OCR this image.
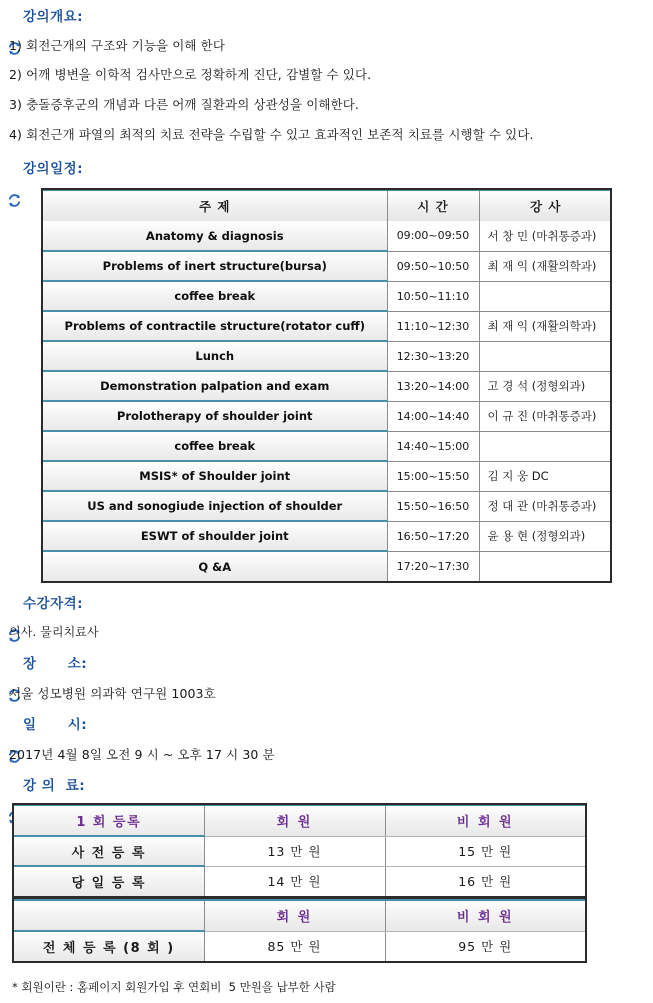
강의개요:
1) 회전근개의 구조와 기능을 이해 한다
2) 어깨 병변을 이학적 검사만으로 정확하게 진단, 감별할 수 있다.
3) 충돌증후군의 개념과 다른 어깨 질환과의 상관성을 이해한다.
4) 회전근개 파열의 최적의 치료 전략을 수립할 수 있고 효과적인 보존적 치료를 시행할 수 있다.

강의일정:
주 제	시 간	강 사
Anatomy & diagnosis	09:00~09:50	서 창 민 (마취통증과)
Problems of inert structure(bursa)	09:50~10:50	최 재 익 (재활의학과)
coffee break	10:50~11:10	
Problems of contractile structure(rotator cuff)	11:10~12:30	최 재 익 (재활의학과)
Lunch	12:30~13:20	
Demonstration palpation and exam	13:20~14:00	고 경 석 (정형외과)
Prolotherapy of shoulder joint	14:00~14:40	이 규 진 (마취통증과)
coffee break	14:40~15:00	
MSIS* of Shoulder joint	15:00~15:50	김 지 웅 DC
US and sonogiude injection of shoulder	15:50~16:50	정 대 관 (마취통증과)
ESWT of shoulder joint	16:50~17:20	윤 용 현 (정형외과)
Q &A	17:20~17:30	

수강자격:
의사. 물리치료사

장      소:
서울 성모병원 의과학 연구원 1003호

일      시:
2017년 4월 8일 오전 9 시 ~ 오후 17 시 30 분

강 의  료:
1 회 등록	회 원	비 회 원
사 전 등 록	13 만 원	15 만 원
당 일 등 록	14 만 원	16 만 원
	회 원	비 회 원
전 체 등 록 (8 회 )	85 만 원	95 만 원
* 회원이란 : 홈페이지 회원가입 후 연회비  5 만원을 납부한 사람
